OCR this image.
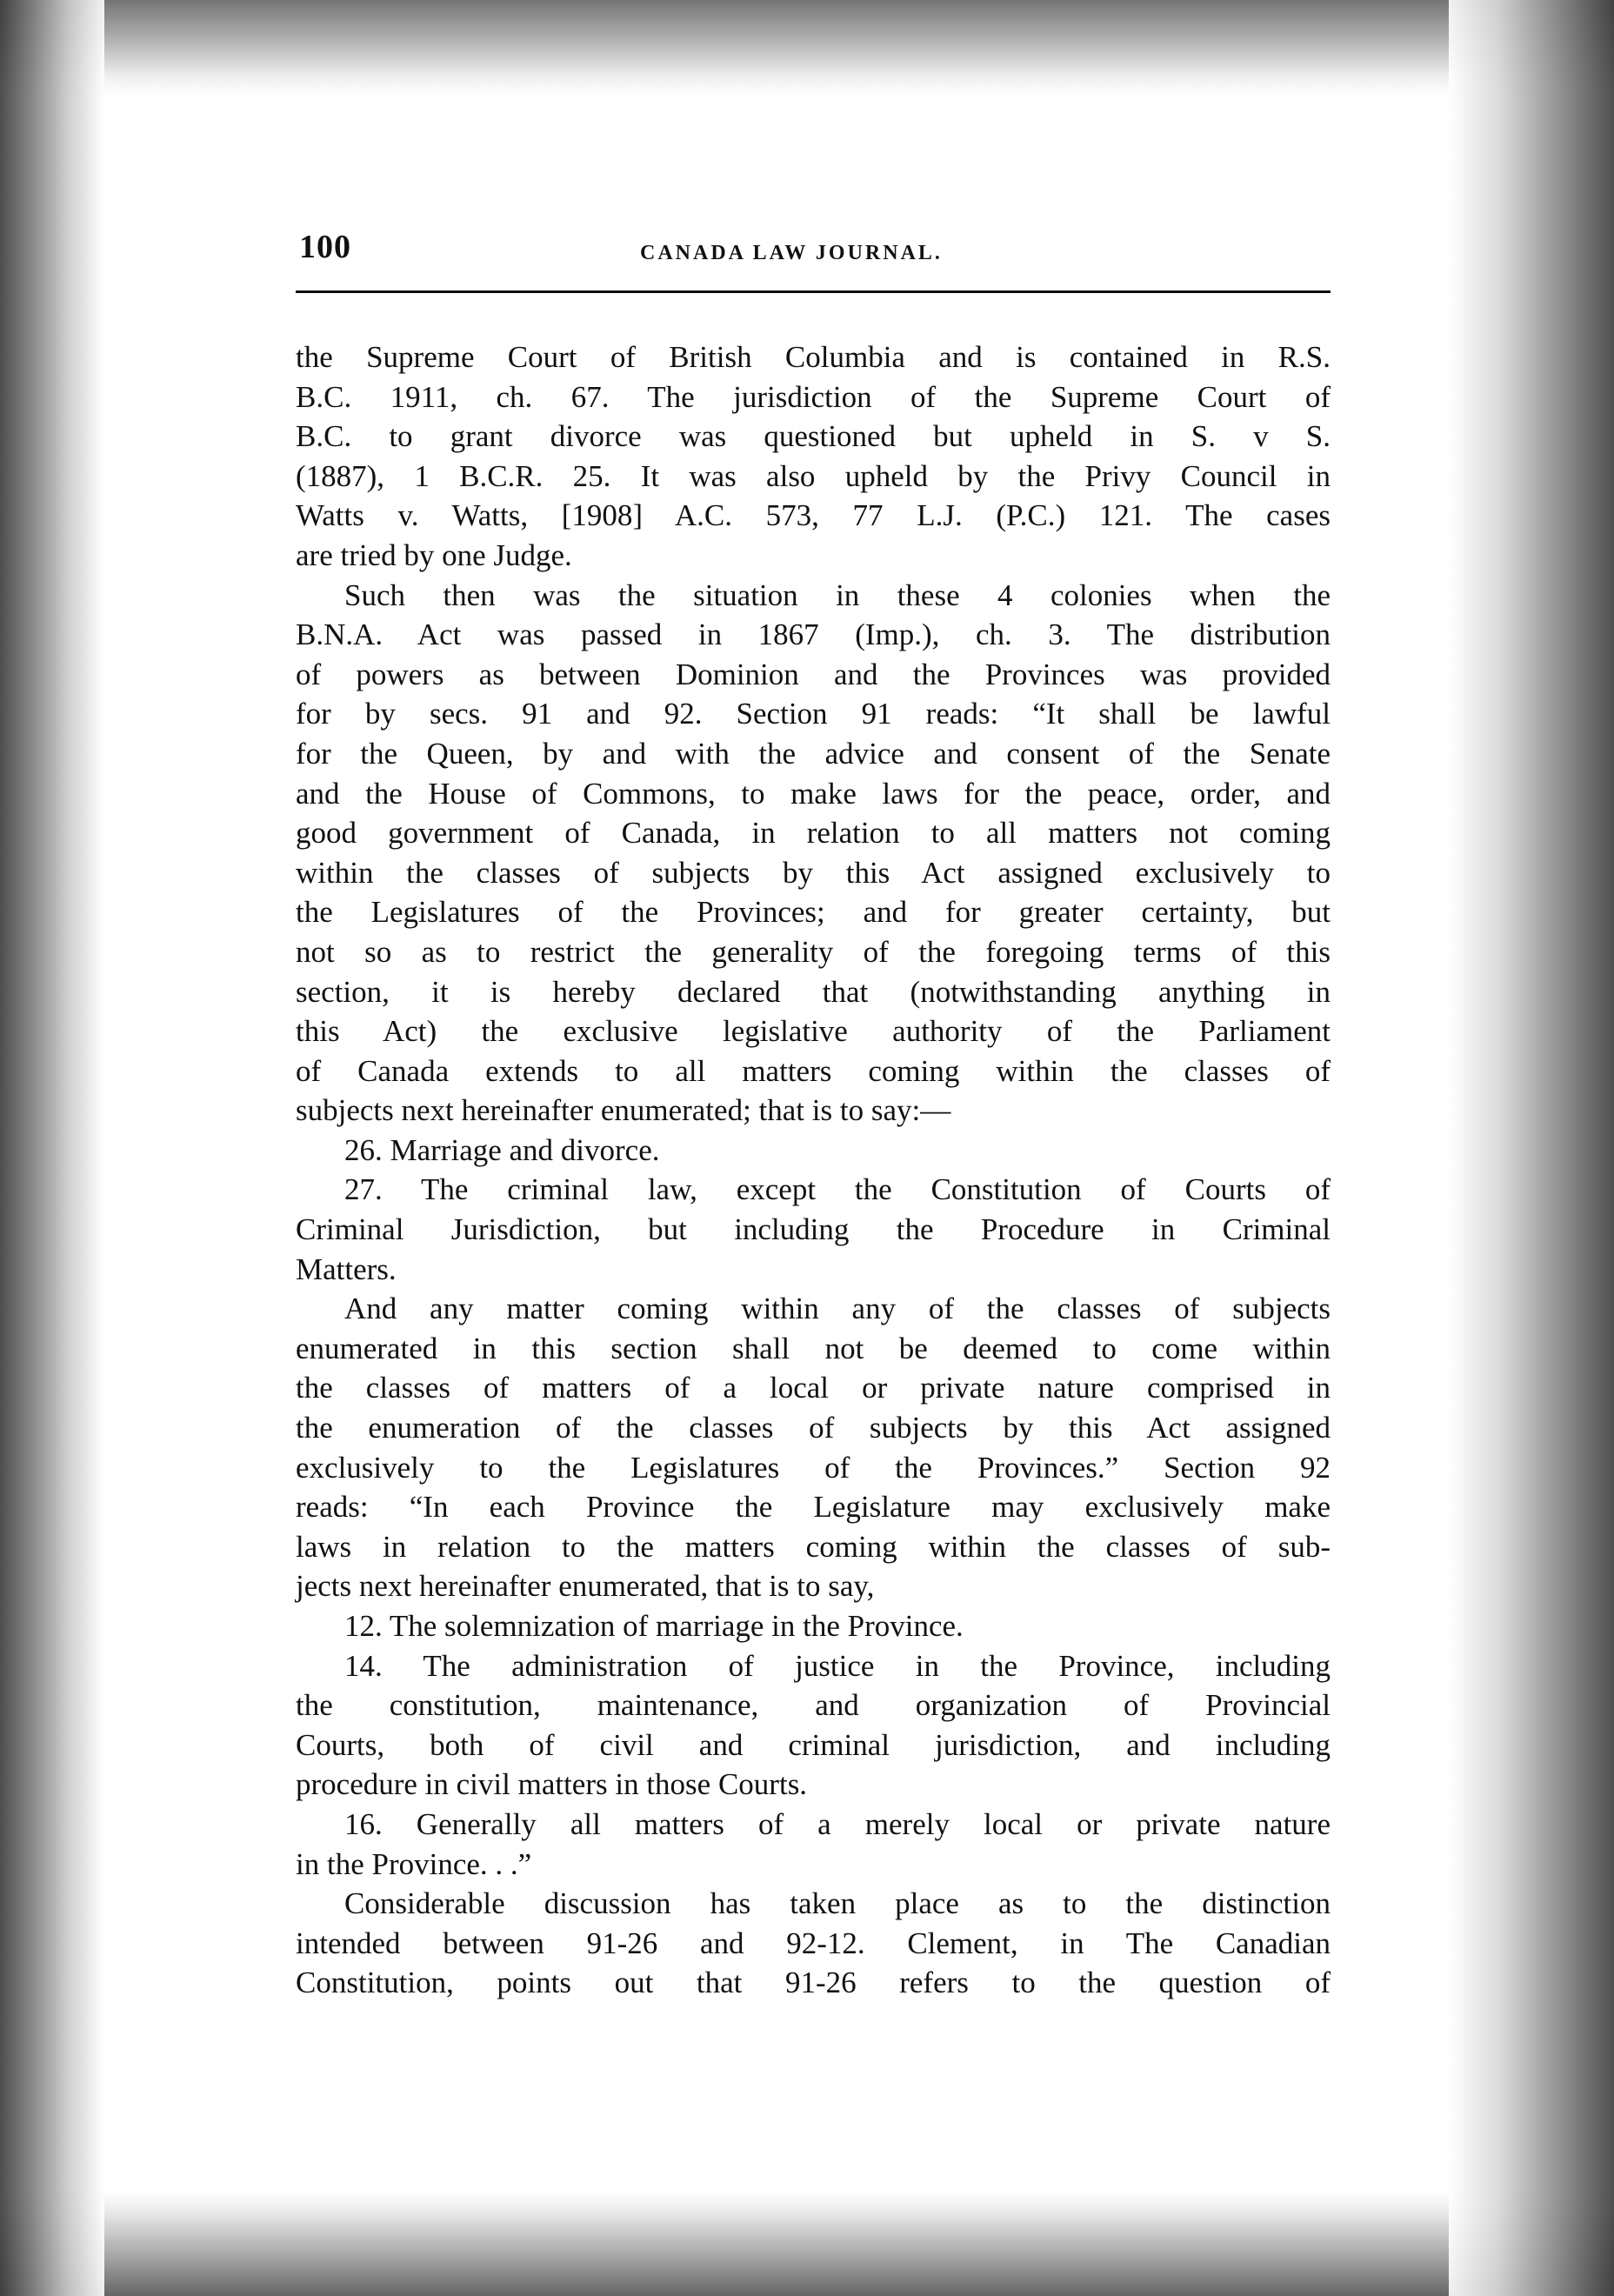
100	CANADA LAW JOURNAL.
the Supreme Court of British Columbia and is contained in R.S.
B.C. 1911, ch. 67. The jurisdiction of the Supreme Court of
B.C. to grant divorce was questioned but upheld in S. v S.
(1887), 1 B.C.R. 25. It was also upheld by the Privy Council in
Watts v. Watts, [1908] A.C. 573, 77 L.J. (P.C.) 121. The cases
are tried by one Judge.
Such then was the situation in these 4 colonies when the
B.N.A. Act was passed in 1867 (Imp.), ch. 3. The distribution
of powers as between Dominion and the Provinces was provided
for by secs. 91 and 92. Section 91 reads: “It shall be lawful
for the Queen, by and with the advice and consent of the Senate
and the House of Commons, to make laws for the peace, order, and
good government of Canada, in relation to all matters not coming
within the classes of subjects by this Act assigned exclusively to
the Legislatures of the Provinces; and for greater certainty, but
not so as to restrict the generality of the foregoing terms of this
section, it is hereby declared that (notwithstanding anything in
this Act) the exclusive legislative authority of the Parliament
of Canada extends to all matters coming within the classes of
subjects next hereinafter enumerated; that is to say:—
26. Marriage and divorce.
27. The criminal law, except the Constitution of Courts of
Criminal Jurisdiction, but including the Procedure in Criminal
Matters.
And any matter coming within any of the classes of subjects
enumerated in this section shall not be deemed to come within
the classes of matters of a local or private nature comprised in
the enumeration of the classes of subjects by this Act assigned
exclusively to the Legislatures of the Provinces.” Section 92
reads: “In each Province the Legislature may exclusively make
laws in relation to the matters coming within the classes of sub-
jects next hereinafter enumerated, that is to say,
12. The solemnization of marriage in the Province.
14. The administration of justice in the Province, including
the constitution, maintenance, and organization of Provincial
Courts, both of civil and criminal jurisdiction, and including
procedure in civil matters in those Courts.
16. Generally all matters of a merely local or private nature
in the Province. . .”
Considerable discussion has taken place as to the distinction
intended between 91-26 and 92-12. Clement, in The Canadian
Constitution, points out that 91-26 refers to the question of
